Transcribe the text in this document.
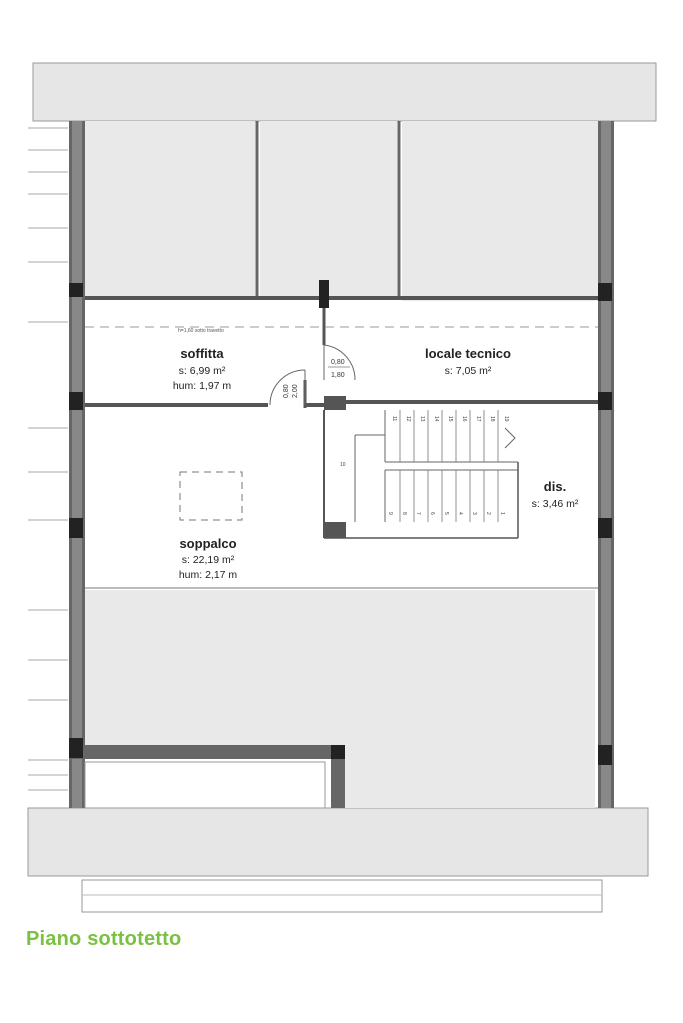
h=1,60 sotto travetto
0,80
1,80
0,80 2,00
10
11 12 13 14 15 16 17 18 19
9 8 7 6 5 4 3 2 1
soffitta
s: 6,99 m²
hum: 1,97 m
locale tecnico
s: 7,05 m²
soppalco
s: 22,19 m²
hum: 2,17 m
dis.
s: 3,46 m²
Piano sottotetto
